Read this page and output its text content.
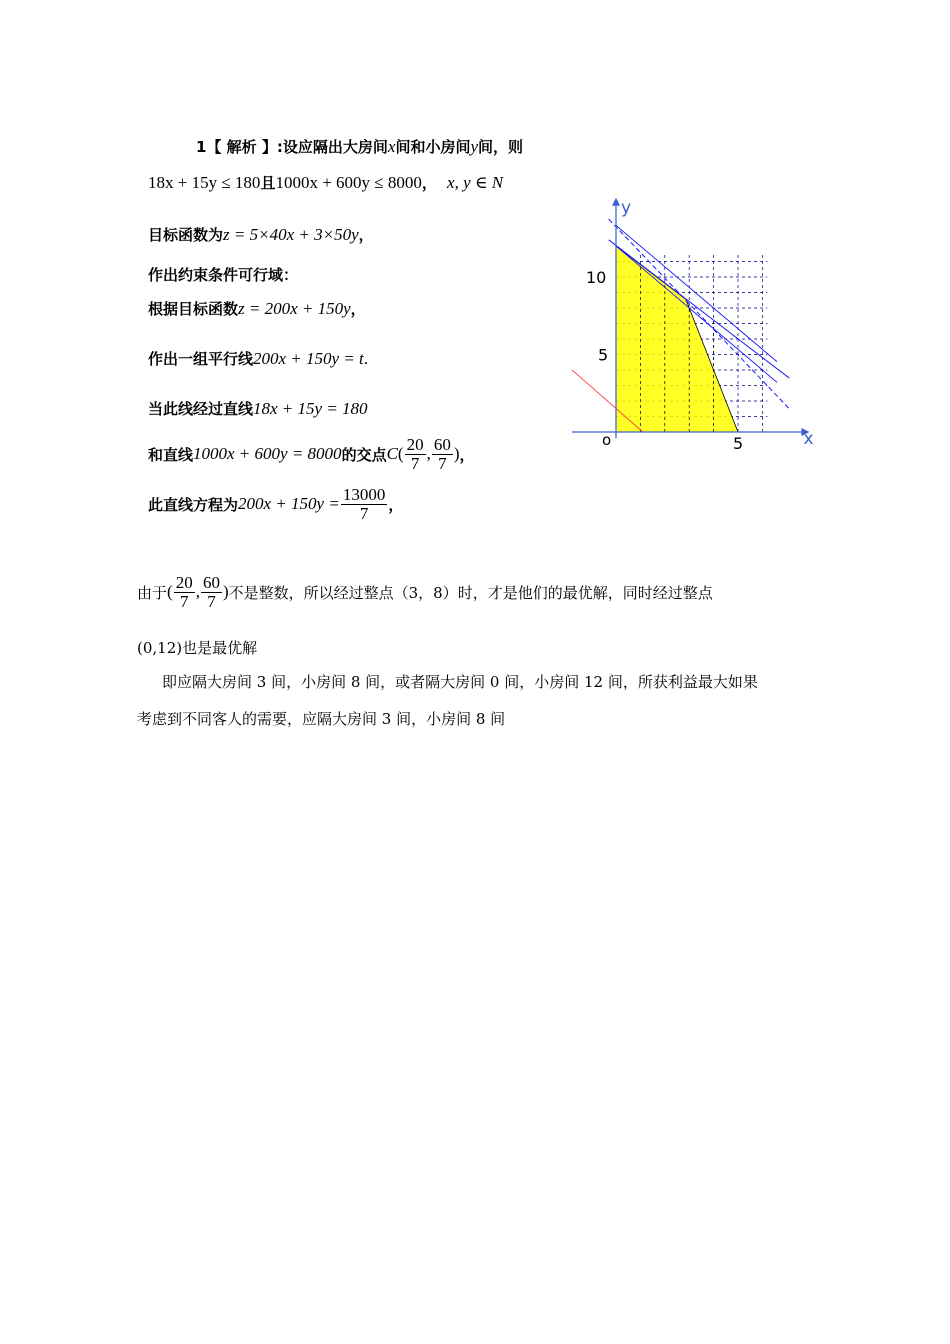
1【 解析 】:设应隔出大房间x间和小房间y间，则
18x + 15y ≤ 180且1000x + 600y ≤ 8000， x, y ∈ N
目标函数为z = 5×40x + 3×50y，
作出约束条件可行域：
根据目标函数z = 200x + 150y，
作出一组平行线200x + 150y = t.
当此线经过直线18x + 15y = 180
和直线 1000x + 600y = 8000 的交点 C ( $\frac{20}{7}$ , $\frac{60}{7}$ ) ，
此直线方程为 $200x + 150y = \frac{13000}{7}$ ，
由于 ( $\frac{20}{7}$ , $\frac{60}{7}$ ) 不是整数，所以经过整点（3，8）时，才是他们的最优解，同时经过整点
(0,12)也是最优解
即应隔大房间 3 间，小房间 8 间，或者隔大房间 0 间，小房间 12 间，所获利益最大如果
考虑到不同客人的需要，应隔大房间 3 间，小房间 8 间
y
x
o	5
5
10
